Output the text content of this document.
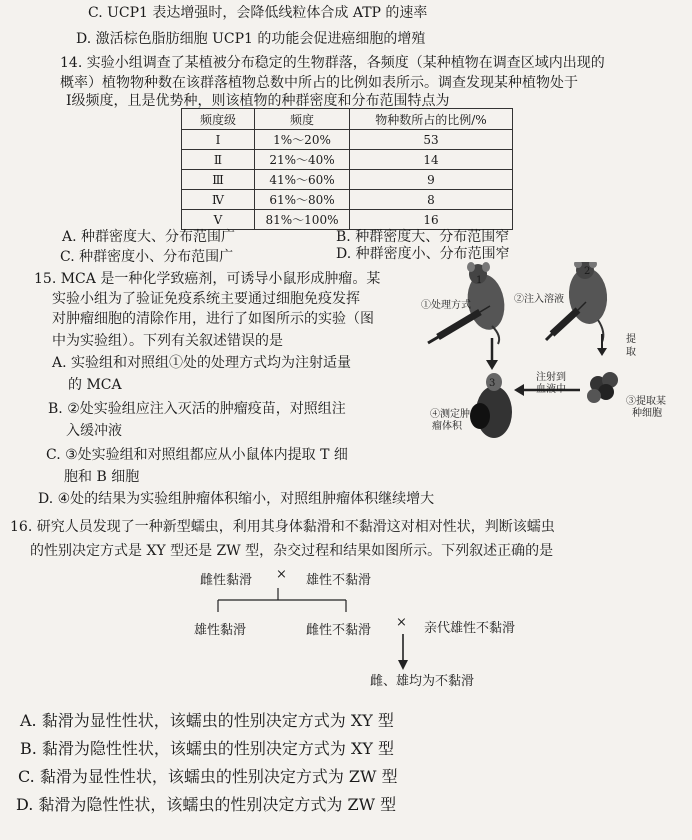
C. UCP1 表达增强时，会降低线粒体合成 ATP 的速率
D. 激活棕色脂肪细胞 UCP1 的功能会促进癌细胞的增殖
14. 实验小组调查了某植被分布稳定的生物群落，各频度（某种植物在调查区域内出现的
概率）植物物种数在该群落植物总数中所占的比例如表所示。调查发现某种植物处于
Ⅰ级频度，且是优势种，则该植物的种群密度和分布范围特点为
频度级	频度	物种数所占的比例/%
Ⅰ	1%～20%	53
Ⅱ	21%～40%	14
Ⅲ	41%～60%	9
Ⅳ	61%～80%	8
Ⅴ	81%～100%	16
A. 种群密度大、分布范围广	B. 种群密度大、分布范围窄
C. 种群密度小、分布范围广	D. 种群密度小、分布范围窄
15. MCA 是一种化学致癌剂，可诱导小鼠形成肿瘤。某
实验小组为了验证免疫系统主要通过细胞免疫发挥
对肿瘤细胞的清除作用，进行了如图所示的实验（图
中为实验组）。下列有关叙述错误的是
A. 实验组和对照组①处的处理方式均为注射适量
的 MCA
B. ②处实验组应注入灭活的肿瘤疫苗，对照组注
入缓冲液
C. ③处实验组和对照组都应从小鼠体内提取 T 细
胞和 B 细胞
D. ④处的结果为实验组肿瘤体积缩小，对照组肿瘤体积继续增大
1
2
3
①处理方式
②注入溶液
提
取
注射到
血液中
③提取某
种细胞
④测定肿
瘤体积
16. 研究人员发现了一种新型蠕虫，利用其身体黏滑和不黏滑这对相对性状，判断该蠕虫
的性别决定方式是 XY 型还是 ZW 型，杂交过程和结果如图所示。下列叙述正确的是
雌性黏滑 × 雄性不黏滑
雄性黏滑	雌性不黏滑
× 亲代雄性不黏滑
雌、雄均为不黏滑
A. 黏滑为显性性状，该蠕虫的性别决定方式为 XY 型
B. 黏滑为隐性性状，该蠕虫的性别决定方式为 XY 型
C. 黏滑为显性性状，该蠕虫的性别决定方式为 ZW 型
D. 黏滑为隐性性状，该蠕虫的性别决定方式为 ZW 型
